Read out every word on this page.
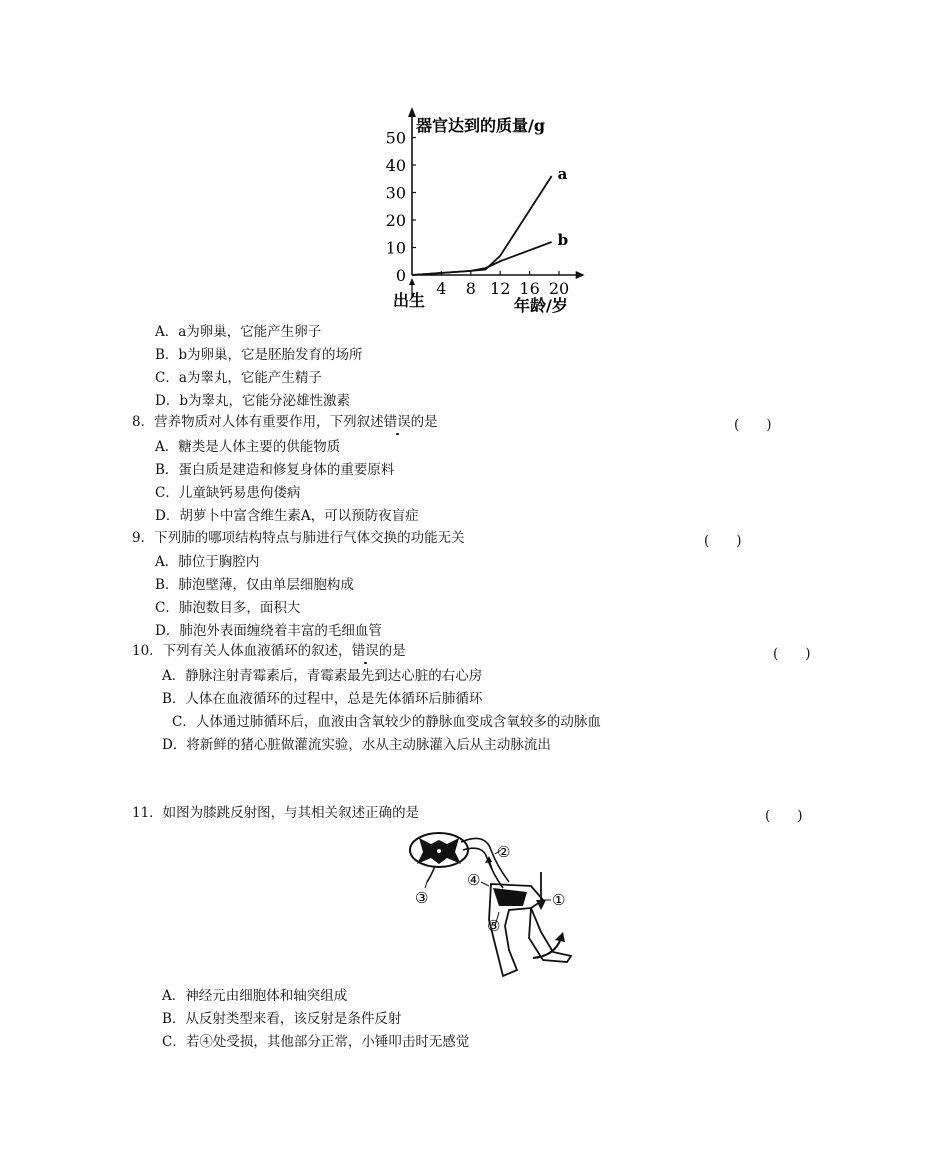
0
10
20
30
40
50
4 8 12 16 20
a
b
器官达到的质量/g
年龄/岁
出生
A．a为卵巢，它能产生卵子
B．b为卵巢，它是胚胎发育的场所
C．a为睾丸，它能产生精子
D．b为睾丸，它能分泌雄性激素
8．营养物质对人体有重要作用，下列叙述错误的是	(　　)
A．糖类是人体主要的供能物质
B．蛋白质是建造和修复身体的重要原料
C．儿童缺钙易患佝偻病
D．胡萝卜中富含维生素A，可以预防夜盲症
9．下列肺的哪项结构特点与肺进行气体交换的功能无关	(　　)
A．肺位于胸腔内
B．肺泡壁薄，仅由单层细胞构成
C．肺泡数目多，面积大
D．肺泡外表面缠绕着丰富的毛细血管
10．下列有关人体血液循环的叙述，错误的是	(　　)
A．静脉注射青霉素后，青霉素最先到达心脏的右心房
B．人体在血液循环的过程中，总是先体循环后肺循环
C．人体通过肺循环后，血液由含氧较少的静脉血变成含氧较多的动脉血
D．将新鲜的猪心脏做灌流实验，水从主动脉灌入后从主动脉流出
11．如图为膝跳反射图，与其相关叙述正确的是	(　　)
①
②
③
④
⑤
A．神经元由细胞体和轴突组成
B．从反射类型来看，该反射是条件反射
C．若④处受损，其他部分正常，小锤叩击时无感觉
